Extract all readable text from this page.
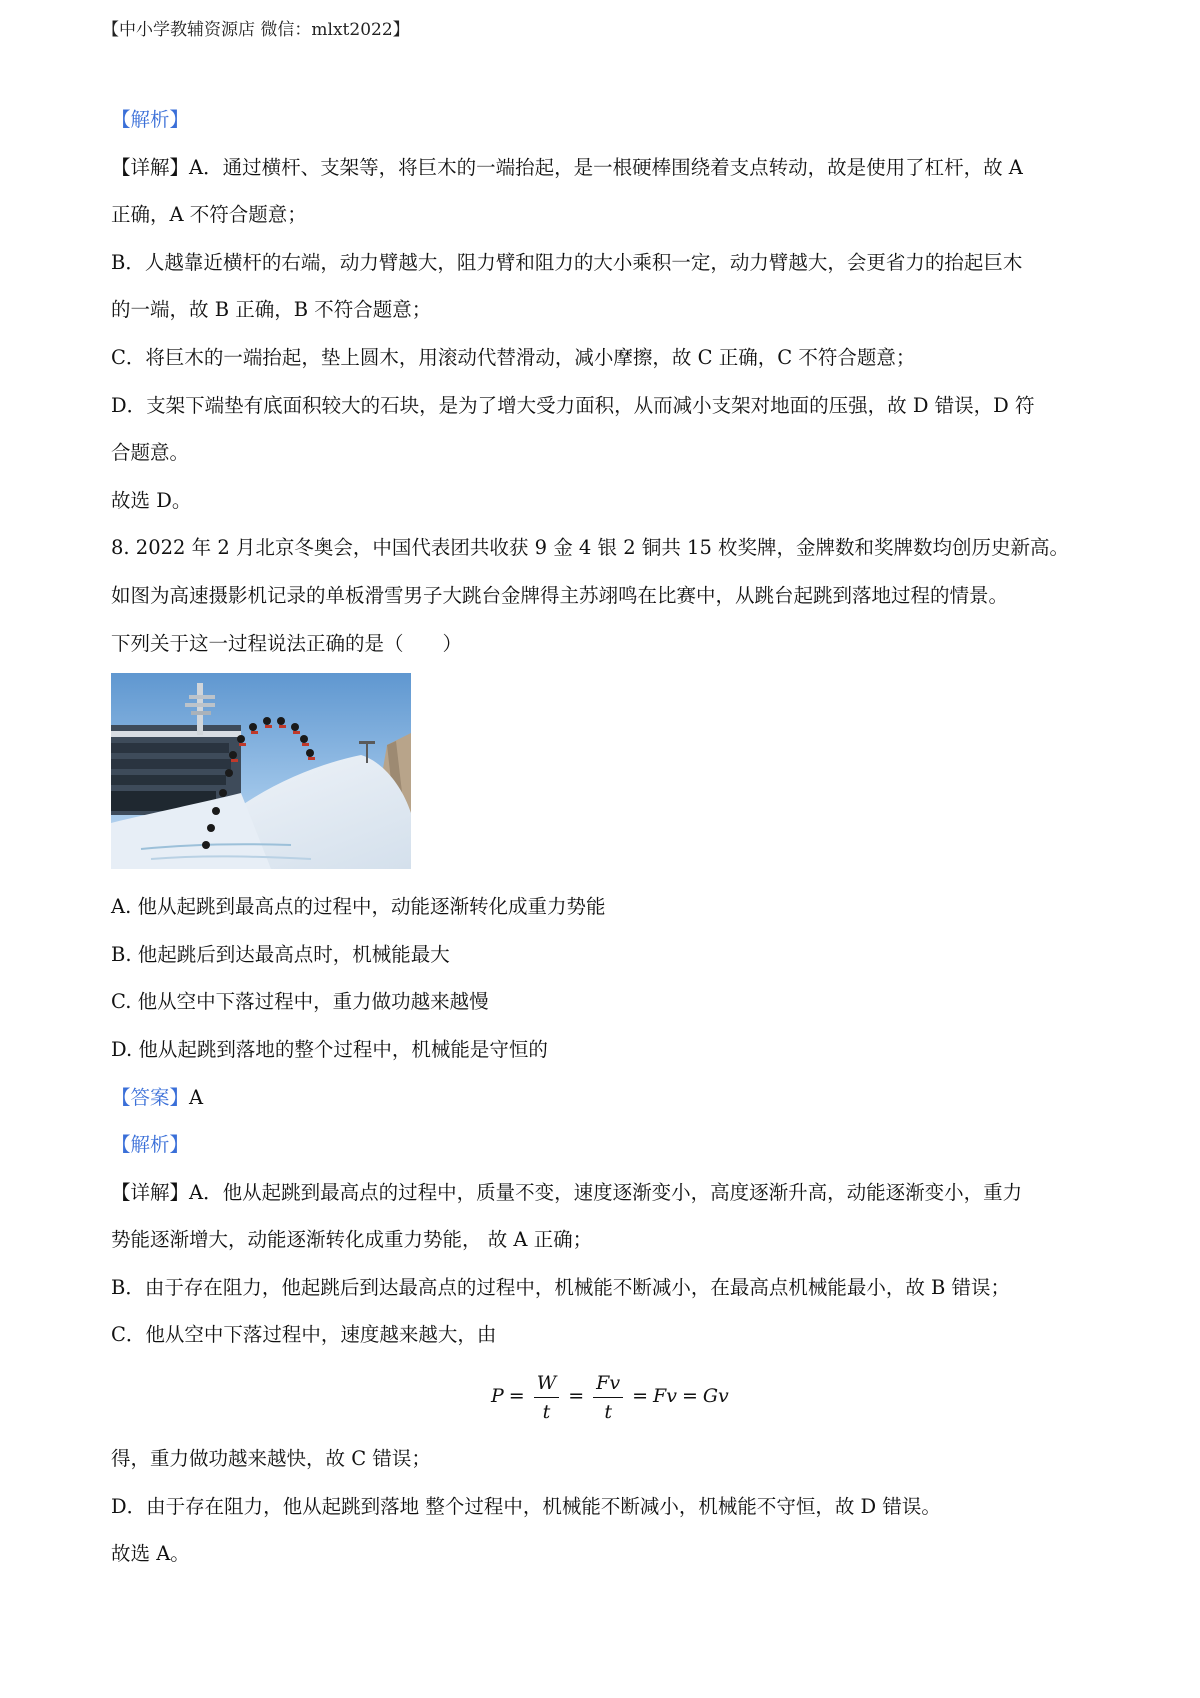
【中小学教辅资源店 微信：mlxt2022】
【解析】
【详解】A．通过横杆、支架等，将巨木的一端抬起，是一根硬棒围绕着支点转动，故是使用了杠杆，故 A
正确，A 不符合题意；
B．人越靠近横杆的右端，动力臂越大，阻力臂和阻力的大小乘积一定，动力臂越大，会更省力的抬起巨木
的一端，故 B 正确，B 不符合题意；
C．将巨木的一端抬起，垫上圆木，用滚动代替滑动，减小摩擦，故 C 正确，C 不符合题意；
D．支架下端垫有底面积较大的石块，是为了增大受力面积，从而减小支架对地面的压强，故 D 错误，D 符
合题意。
故选 D。
8. 2022 年 2 月北京冬奥会，中国代表团共收获 9 金 4 银 2 铜共 15 枚奖牌，金牌数和奖牌数均创历史新高。
如图为高速摄影机记录的单板滑雪男子大跳台金牌得主苏翊鸣在比赛中，从跳台起跳到落地过程的情景。
下列关于这一过程说法正确的是（　　）
A. 他从起跳到最高点的过程中，动能逐渐转化成重力势能
B. 他起跳后到达最高点时，机械能最大
C. 他从空中下落过程中，重力做功越来越慢
D. 他从起跳到落地的整个过程中，机械能是守恒的
【答案】A
【解析】
【详解】A．他从起跳到最高点的过程中，质量不变，速度逐渐变小，高度逐渐升高，动能逐渐变小，重力
势能逐渐增大，动能逐渐转化成重力势能， 故 A 正确；
B．由于存在阻力，他起跳后到达最高点的过程中，机械能不断减小，在最高点机械能最小，故 B 错误；
C．他从空中下落过程中，速度越来越大，由
$P = \frac{W}{t} = \frac{Fv}{t} = Fv = Gv$
得，重力做功越来越快，故 C 错误；
D．由于存在阻力，他从起跳到落地 整个过程中，机械能不断减小，机械能不守恒，故 D 错误。
故选 A。
